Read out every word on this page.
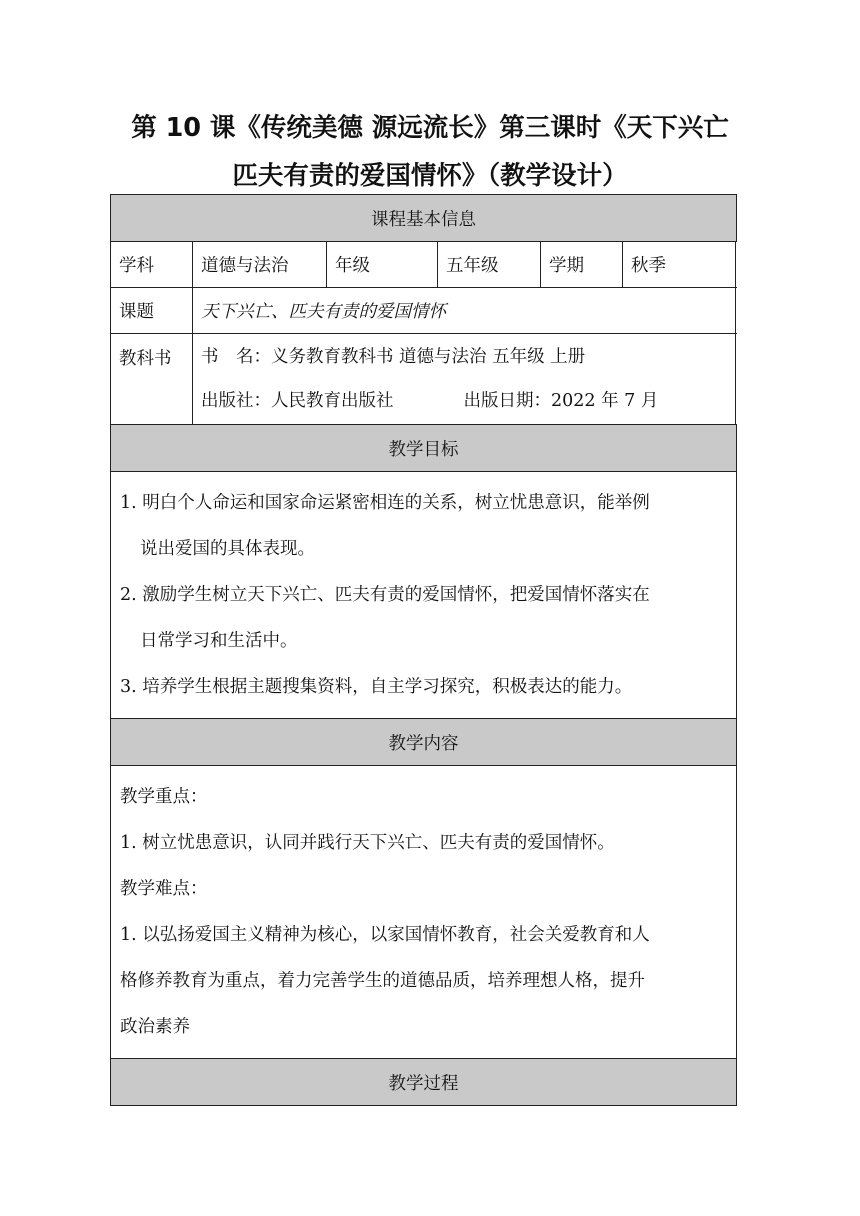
第 10 课《传统美德 源远流长》第三课时《天下兴亡
匹夫有责的爱国情怀》（教学设计）
课程基本信息
学科	道德与法治	年级	五年级	学期	秋季
课题	天下兴亡、匹夫有责的爱国情怀
教科书	书　名：义务教育教科书 道德与法治 五年级 上册
出版社：人民教育出版社	出版日期：2022 年 7 月
教学目标
1. 明白个人命运和国家命运紧密相连的关系，树立忧患意识，能举例
说出爱国的具体表现。
2. 激励学生树立天下兴亡、匹夫有责的爱国情怀，把爱国情怀落实在
日常学习和生活中。
3. 培养学生根据主题搜集资料，自主学习探究，积极表达的能力。
教学内容
教学重点：
1. 树立忧患意识，认同并践行天下兴亡、匹夫有责的爱国情怀。
教学难点：
1. 以弘扬爱国主义精神为核心，以家国情怀教育，社会关爱教育和人
格修养教育为重点，着力完善学生的道德品质，培养理想人格，提升
政治素养
教学过程
